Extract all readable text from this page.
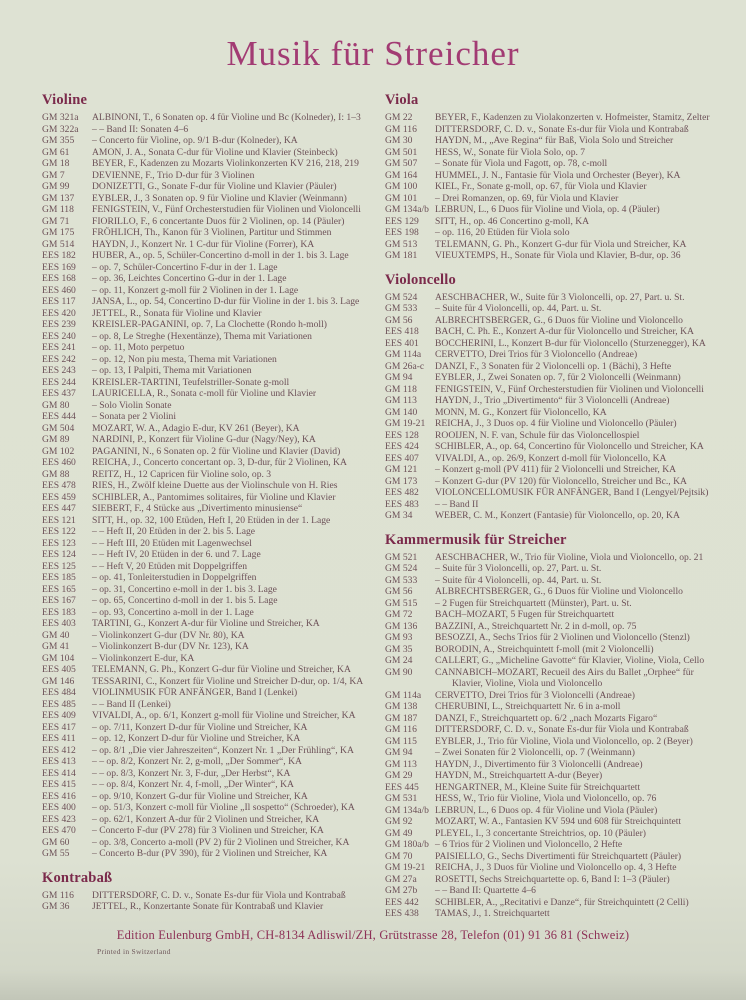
Musik für Streicher
Violine
GM 321a	ALBINONI, T., 6 Sonaten op. 4 für Violine und Bc (Kolneder), I: 1–3
GM 322a	– – Band II: Sonaten 4–6
GM 355	– Concerto für Violine, op. 9/1 B-dur (Kolneder), KA
GM 61	AMON, J. A., Sonata C-dur für Violine und Klavier (Steinbeck)
GM 18	BEYER, F., Kadenzen zu Mozarts Violinkonzerten KV 216, 218, 219
GM 7	DEVIENNE, F., Trio D-dur für 3 Violinen
GM 99	DONIZETTI, G., Sonate F-dur für Violine und Klavier (Päuler)
GM 137	EYBLER, J., 3 Sonaten op. 9 für Violine und Klavier (Weinmann)
GM 118	FENIGSTEIN, V., Fünf Orchesterstudien für Violinen und Violoncelli
GM 71	FIORILLO, F., 6 concertante Duos für 2 Violinen, op. 14 (Päuler)
GM 175	FRÖHLICH, Th., Kanon für 3 Violinen, Partitur und Stimmen
GM 514	HAYDN, J., Konzert Nr. 1 C-dur für Violine (Forrer), KA
EES 182	HUBER, A., op. 5, Schüler-Concertino d-moll in der 1. bis 3. Lage
EES 169	– op. 7, Schüler-Concertino F-dur in der 1. Lage
EES 168	– op. 36, Leichtes Concertino G-dur in der 1. Lage
EES 460	– op. 11, Konzert g-moll für 2 Violinen in der 1. Lage
EES 117	JANSA, L., op. 54, Concertino D-dur für Violine in der 1. bis 3. Lage
EES 420	JETTEL, R., Sonata für Violine und Klavier
EES 239	KREISLER-PAGANINI, op. 7, La Clochette (Rondo h-moll)
EES 240	– op. 8, Le Streghe (Hexentänze), Thema mit Variationen
EES 241	– op. 11, Moto perpetuo
EES 242	– op. 12, Non piu mesta, Thema mit Variationen
EES 243	– op. 13, I Palpiti, Thema mit Variationen
EES 244	KREISLER-TARTINI, Teufelstriller-Sonate g-moll
EES 437	LAURICELLA, R., Sonata c-moll für Violine und Klavier
GM 80	– Solo Violin Sonate
EES 444	– Sonata per 2 Violini
GM 504	MOZART, W. A., Adagio E-dur, KV 261 (Beyer), KA
GM 89	NARDINI, P., Konzert für Violine G-dur (Nagy/Ney), KA
GM 102	PAGANINI, N., 6 Sonaten op. 2 für Violine und Klavier (David)
EES 460	REICHA, J., Concerto concertant op. 3, D-dur, für 2 Violinen, KA
GM 88	REITZ, H., 12 Capricen für Violine solo, op. 3
EES 478	RIES, H., Zwölf kleine Duette aus der Violinschule von H. Ries
EES 459	SCHIBLER, A., Pantomimes solitaires, für Violine und Klavier
EES 447	SIEBERT, F., 4 Stücke aus „Divertimento minusiense“
EES 121	SITT, H., op. 32, 100 Etüden, Heft I, 20 Etüden in der 1. Lage
EES 122	– – Heft II, 20 Etüden in der 2. bis 5. Lage
EES 123	– – Heft III, 20 Etüden mit Lagenwechsel
EES 124	– – Heft IV, 20 Etüden in der 6. und 7. Lage
EES 125	– – Heft V, 20 Etüden mit Doppelgriffen
EES 185	– op. 41, Tonleiterstudien in Doppelgriffen
EES 165	– op. 31, Concertino e-moll in der 1. bis 3. Lage
EES 167	– op. 65, Concertino d-moll in der 1. bis 5. Lage
EES 183	– op. 93, Concertino a-moll in der 1. Lage
EES 403	TARTINI, G., Konzert A-dur für Violine und Streicher, KA
GM 40	– Violinkonzert G-dur (DV Nr. 80), KA
GM 41	– Violinkonzert B-dur (DV Nr. 123), KA
GM 104	– Violinkonzert E-dur, KA
EES 405	TELEMANN, G. Ph., Konzert G-dur für Violine und Streicher, KA
GM 146	TESSARINI, C., Konzert für Violine und Streicher D-dur, op. 1/4, KA
EES 484	VIOLINMUSIK FÜR ANFÄNGER, Band I (Lenkei)
EES 485	– – Band II (Lenkei)
EES 409	VIVALDI, A., op. 6/1, Konzert g-moll für Violine und Streicher, KA
EES 417	– op. 7/11, Konzert D-dur für Violine und Streicher, KA
EES 411	– op. 12, Konzert D-dur für Violine und Streicher, KA
EES 412	– op. 8/1 „Die vier Jahreszeiten“, Konzert Nr. 1 „Der Frühling“, KA
EES 413	– – op. 8/2, Konzert Nr. 2, g-moll, „Der Sommer“, KA
EES 414	– – op. 8/3, Konzert Nr. 3, F-dur, „Der Herbst“, KA
EES 415	– – op. 8/4, Konzert Nr. 4, f-moll, „Der Winter“, KA
EES 416	– op. 9/10, Konzert G-dur für Violine und Streicher, KA
EES 400	– op. 51/3, Konzert c-moll für Violine „Il sospetto“ (Schroeder), KA
EES 423	– op. 62/1, Konzert A-dur für 2 Violinen und Streicher, KA
EES 470	– Concerto F-dur (PV 278) für 3 Violinen und Streicher, KA
GM 60	– op. 3/8, Concerto a-moll (PV 2) für 2 Violinen und Streicher, KA
GM 55	– Concerto B-dur (PV 390), für 2 Violinen und Streicher, KA
Kontrabaß
GM 116	DITTERSDORF, C. D. v., Sonate Es-dur für Viola und Kontrabaß
GM 36	JETTEL, R., Konzertante Sonate für Kontrabaß und Klavier
Viola
GM 22	BEYER, F., Kadenzen zu Violakonzerten v. Hofmeister, Stamitz, Zelter
GM 116	DITTERSDORF, C. D. v., Sonate Es-dur für Viola und Kontrabaß
GM 30	HAYDN, M., „Ave Regina“ für Baß, Viola Solo und Streicher
GM 501	HESS, W., Sonate für Viola Solo, op. 7
GM 507	– Sonate für Viola und Fagott, op. 78, c-moll
GM 164	HUMMEL, J. N., Fantasie für Viola und Orchester (Beyer), KA
GM 100	KIEL, Fr., Sonate g-moll, op. 67, für Viola und Klavier
GM 101	– Drei Romanzen, op. 69, für Viola und Klavier
GM 134a/b LEBRUN, L., 6 Duos für Violine und Viola, op. 4 (Päuler)
EES 129	SITT, H., op. 46 Concertino g-moll, KA
EES 198	– op. 116, 20 Etüden für Viola solo
GM 513	TELEMANN, G. Ph., Konzert G-dur für Viola und Streicher, KA
GM 181	VIEUXTEMPS, H., Sonate für Viola und Klavier, B-dur, op. 36
Violoncello
GM 524	AESCHBACHER, W., Suite für 3 Violoncelli, op. 27, Part. u. St.
GM 533	– Suite für 4 Violoncelli, op. 44, Part. u. St.
GM 56	ALBRECHTSBERGER, G., 6 Duos für Violine und Violoncello
EES 418	BACH, C. Ph. E., Konzert A-dur für Violoncello und Streicher, KA
EES 401	BOCCHERINI, L., Konzert B-dur für Violoncello (Sturzenegger), KA
GM 114a	CERVETTO, Drei Trios für 3 Violoncello (Andreae)
GM 26a-c	DANZI, F., 3 Sonaten für 2 Violoncelli op. 1 (Bächi), 3 Hefte
GM 94	EYBLER, J., Zwei Sonaten op. 7, für 2 Violoncelli (Weinmann)
GM 118	FENIGSTEIN, V., Fünf Orchesterstudien für Violinen und Violoncelli
GM 113	HAYDN, J., Trio „Divertimento“ für 3 Violoncelli (Andreae)
GM 140	MONN, M. G., Konzert für Violoncello, KA
GM 19-21	REICHA, J., 3 Duos op. 4 für Violine und Violoncello (Päuler)
EES 128	ROOIJEN, N. F. van, Schule für das Violoncellospiel
EES 424	SCHIBLER, A., op. 64, Concertino für Violoncello und Streicher, KA
EES 407	VIVALDI, A., op. 26/9, Konzert d-moll für Violoncello, KA
GM 121	– Konzert g-moll (PV 411) für 2 Violoncelli und Streicher, KA
GM 173	– Konzert G-dur (PV 120) für Violoncello, Streicher und Bc., KA
EES 482	VIOLONCELLOMUSIK FÜR ANFÄNGER, Band I (Lengyel/Pejtsik)
EES 483	– – Band II
GM 34	WEBER, C. M., Konzert (Fantasie) für Violoncello, op. 20, KA
Kammermusik für Streicher
GM 521	AESCHBACHER, W., Trio für Violine, Viola und Violoncello, op. 21
GM 524	– Suite für 3 Violoncelli, op. 27, Part. u. St.
GM 533	– Suite für 4 Violoncelli, op. 44, Part. u. St.
GM 56	ALBRECHTSBERGER, G., 6 Duos für Violine und Violoncello
GM 515	– 2 Fugen für Streichquartett (Münster), Part. u. St.
GM 72	BACH–MOZART, 5 Fugen für Streichquartett
GM 136	BAZZINI, A., Streichquartett Nr. 2 in d-moll, op. 75
GM 93	BESOZZI, A., Sechs Trios für 2 Violinen und Violoncello (Stenzl)
GM 35	BORODIN, A., Streichquintett f-moll (mit 2 Violoncelli)
GM 24	CALLERT, G., „Micheline Gavotte“ für Klavier, Violine, Viola, Cello
GM 90	CANNABICH–MOZART, Recueil des Airs du Ballet „Orphee“ für
Klavier, Violine, Viola und Violoncello
GM 114a	CERVETTO, Drei Trios für 3 Violoncelli (Andreae)
GM 138	CHERUBINI, L., Streichquartett Nr. 6 in a-moll
GM 187	DANZI, F., Streichquartett op. 6/2 „nach Mozarts Figaro“
GM 116	DITTERSDORF, C. D. v., Sonate Es-dur für Viola und Kontrabaß
GM 115	EYBLER, J., Trio für Violine, Viola und Violoncello, op. 2 (Beyer)
GM 94	– Zwei Sonaten für 2 Violoncelli, op. 7 (Weinmann)
GM 113	HAYDN, J., Divertimento für 3 Violoncelli (Andreae)
GM 29	HAYDN, M., Streichquartett A-dur (Beyer)
EES 445	HENGARTNER, M., Kleine Suite für Streichquartett
GM 531	HESS, W., Trio für Violine, Viola und Violoncello, op. 76
GM 134a/b LEBRUN, L., 6 Duos op. 4 für Violine und Viola (Päuler)
GM 92	MOZART, W. A., Fantasien KV 594 und 608 für Streichquintett
GM 49	PLEYEL, I., 3 concertante Streichtrios, op. 10 (Päuler)
GM 180a/b – 6 Trios für 2 Violinen und Violoncello, 2 Hefte
GM 70	PAISIELLO, G., Sechs Divertimenti für Streichquartett (Päuler)
GM 19-21	REICHA, J., 3 Duos für Violine und Violoncello op. 4, 3 Hefte
GM 27a	ROSETTI, Sechs Streichquartette op. 6, Band I: 1–3 (Päuler)
GM 27b	– – Band II: Quartette 4–6
EES 442	SCHIBLER, A., „Recitativi e Danze“, für Streichquintett (2 Celli)
EES 438	TAMAS, J., 1. Streichquartett
Edition Eulenburg GmbH, CH-8134 Adliswil/ZH, Grütstrasse 28, Telefon (01) 91 36 81 (Schweiz)
Printed in Switzerland
